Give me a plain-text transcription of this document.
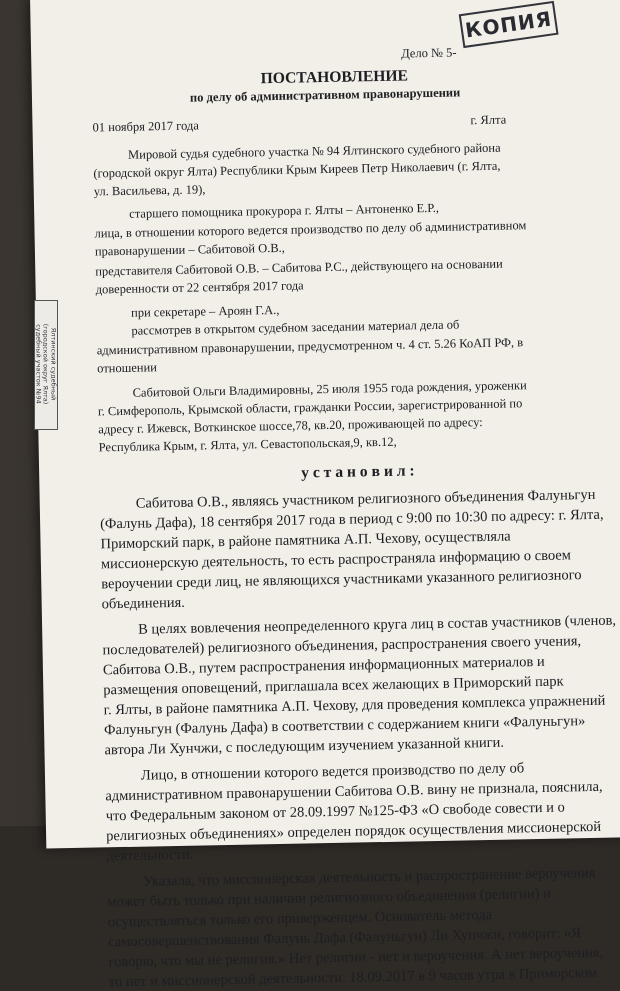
Дело № 5-
КОПИЯ
ПОСТАНОВЛЕНИЕ
по делу об административном правонарушении
01 ноября 2017 года	г. Ялта
Мировой судья судебного участка № 94 Ялтинского судебного района
(городской округ Ялта) Республики Крым Киреев Петр Николаевич (г. Ялта,
ул. Васильева, д. 19),
старшего помощника прокурора г. Ялты – Антоненко Е.Р.,
лица, в отношении которого ведется производство по делу об административном
правонарушении – Сабитовой О.В.,
представителя Сабитовой О.В. – Сабитова Р.С., действующего на основании
доверенности от 22 сентября 2017 года
при секретаре – Ароян Г.А.,
рассмотрев в открытом судебном заседании материал дела об
административном правонарушении, предусмотренном ч. 4 ст. 5.26 КоАП РФ, в
отношении
Сабитовой Ольги Владимировны, 25 июля 1955 года рождения, уроженки
г. Симферополь, Крымской области, гражданки России, зарегистрированной по
адресу г. Ижевск, Воткинское шоссе,78, кв.20, проживающей по адресу:
Республика Крым, г. Ялта, ул. Севастопольская,9, кв.12,
у с т а н о в и л :
Сабитова О.В., являясь участником религиозного объединения Фалуньгун
(Фалунь Дафа), 18 сентября 2017 года в период с 9:00 по 10:30 по адресу: г. Ялта,
Приморский парк, в районе памятника А.П. Чехову, осуществляла
миссионерскую деятельность, то есть распространяла информацию о своем
вероучении среди лиц, не являющихся участниками указанного религиозного
объединения.
В целях вовлечения неопределенного круга лиц в состав участников (членов,
последователей) религиозного объединения, распространения своего учения,
Сабитова О.В., путем распространения информационных материалов и
размещения оповещений, приглашала всех желающих в Приморский парк
г. Ялты, в районе памятника А.П. Чехову, для проведения комплекса упражнений
Фалуньгун (Фалунь Дафа) в соответствии с содержанием книги «Фалуньгун»
автора Ли Хунчжи, с последующим изучением указанной книги.
Лицо, в отношении которого ведется производство по делу об
административном правонарушении Сабитова О.В. вину не признала, пояснила,
что Федеральным законом от 28.09.1997 №125-ФЗ «О свободе совести и о
религиозных объединениях» определен порядок осуществления миссионерской
деятельности.
Указала, что миссионерская деятельность и распространение вероучения
может быть только при наличии религиозного объединения (религии) и
осуществляться только его приверженцем. Основатель метода
самосовершенствования Фалунь Дафа (Фалуньгун) Ли Хунчжи, говорит: «Я
говорю, что мы не религия.» Нет религии - нет и вероучения. А нет вероучения,
то нет и миссионерской деятельности. 18.09.2017 в 9 часов утра в Приморском
Ялтинский судебный
(городской округ Ялта)
судебный участок №94
